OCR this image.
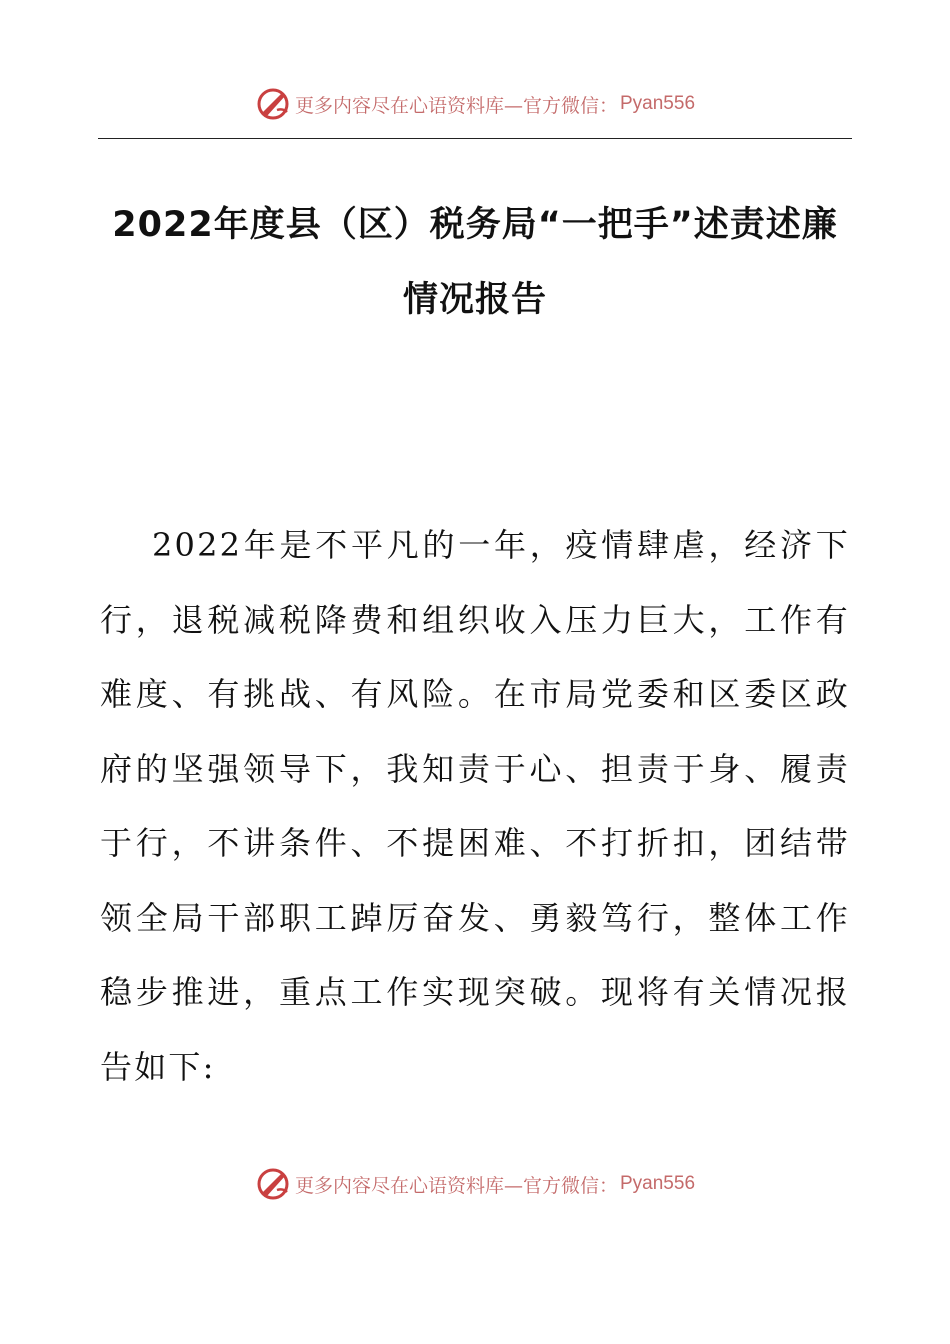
更多内容尽在心语资料库—官方微信： Pyan556
2022年度县（区）税务局“一把手”述责述廉情况报告

2022年是不平凡的一年，疫情肆虐，经济下行，退税减税降费和组织收入压力巨大，工作有难度、有挑战、有风险。在市局党委和区委区政府的坚强领导下，我知责于心、担责于身、履责于行，不讲条件、不提困难、不打折扣，团结带领全局干部职工踔厉奋发、勇毅笃行，整体工作稳步推进，重点工作实现突破。现将有关情况报告如下:

更多内容尽在心语资料库—官方微信： Pyan556
